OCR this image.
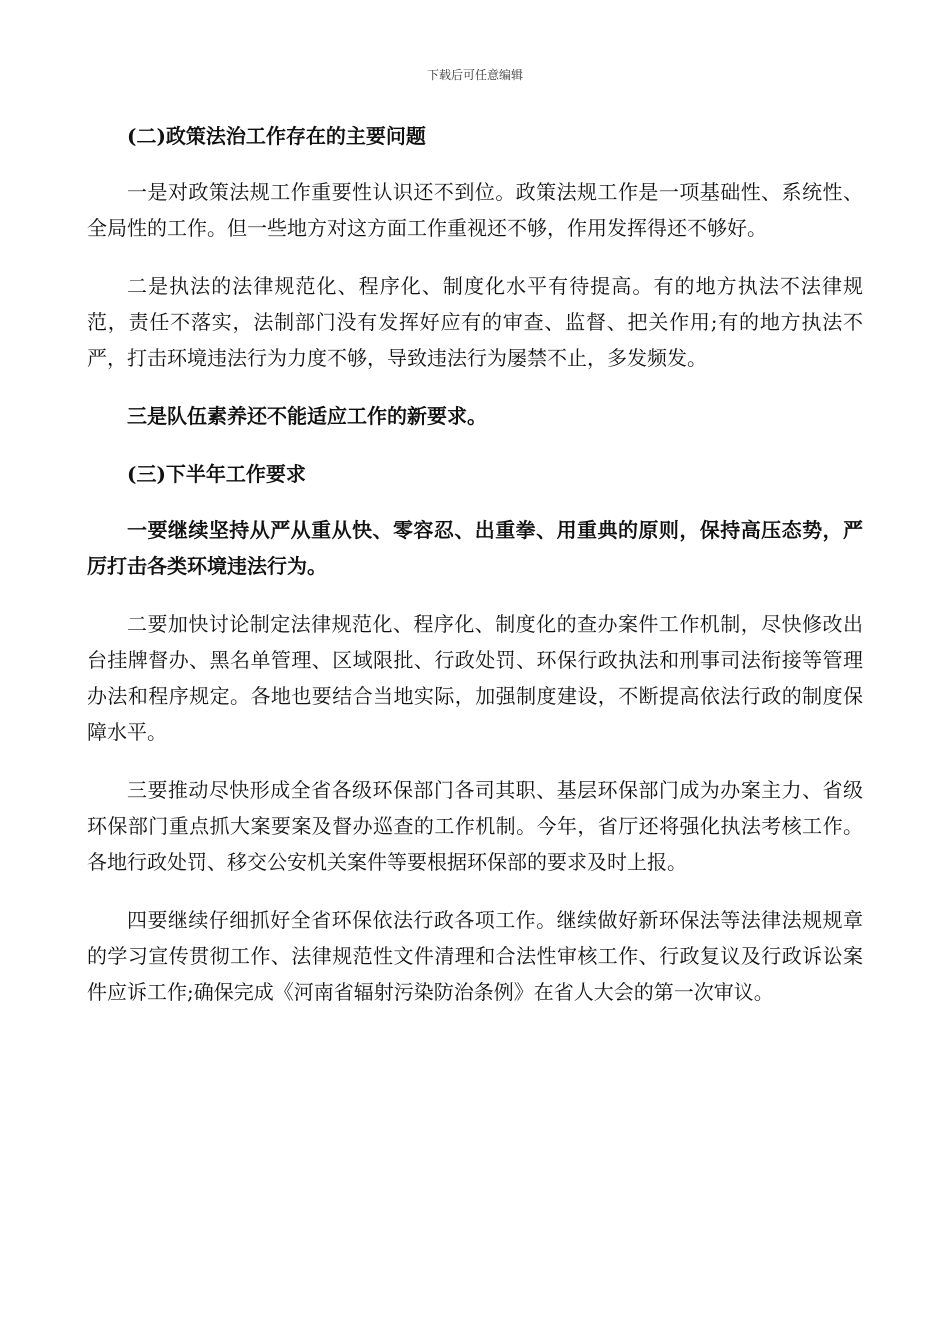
下载后可任意编辑

(二)政策法治工作存在的主要问题

一是对政策法规工作重要性认识还不到位。政策法规工作是一项基础性、系统性、全局性的工作。但一些地方对这方面工作重视还不够，作用发挥得还不够好。

二是执法的法律规范化、程序化、制度化水平有待提高。有的地方执法不法律规范，责任不落实，法制部门没有发挥好应有的审查、监督、把关作用;有的地方执法不严，打击环境违法行为力度不够，导致违法行为屡禁不止，多发频发。

三是队伍素养还不能适应工作的新要求。

(三)下半年工作要求

一要继续坚持从严从重从快、零容忍、出重拳、用重典的原则，保持高压态势，严厉打击各类环境违法行为。

二要加快讨论制定法律规范化、程序化、制度化的查办案件工作机制，尽快修改出台挂牌督办、黑名单管理、区域限批、行政处罚、环保行政执法和刑事司法衔接等管理办法和程序规定。各地也要结合当地实际，加强制度建设，不断提高依法行政的制度保障水平。

三要推动尽快形成全省各级环保部门各司其职、基层环保部门成为办案主力、省级环保部门重点抓大案要案及督办巡查的工作机制。今年，省厅还将强化执法考核工作。各地行政处罚、移交公安机关案件等要根据环保部的要求及时上报。

四要继续仔细抓好全省环保依法行政各项工作。继续做好新环保法等法律法规规章的学习宣传贯彻工作、法律规范性文件清理和合法性审核工作、行政复议及行政诉讼案件应诉工作;确保完成《河南省辐射污染防治条例》在省人大会的第一次审议。
